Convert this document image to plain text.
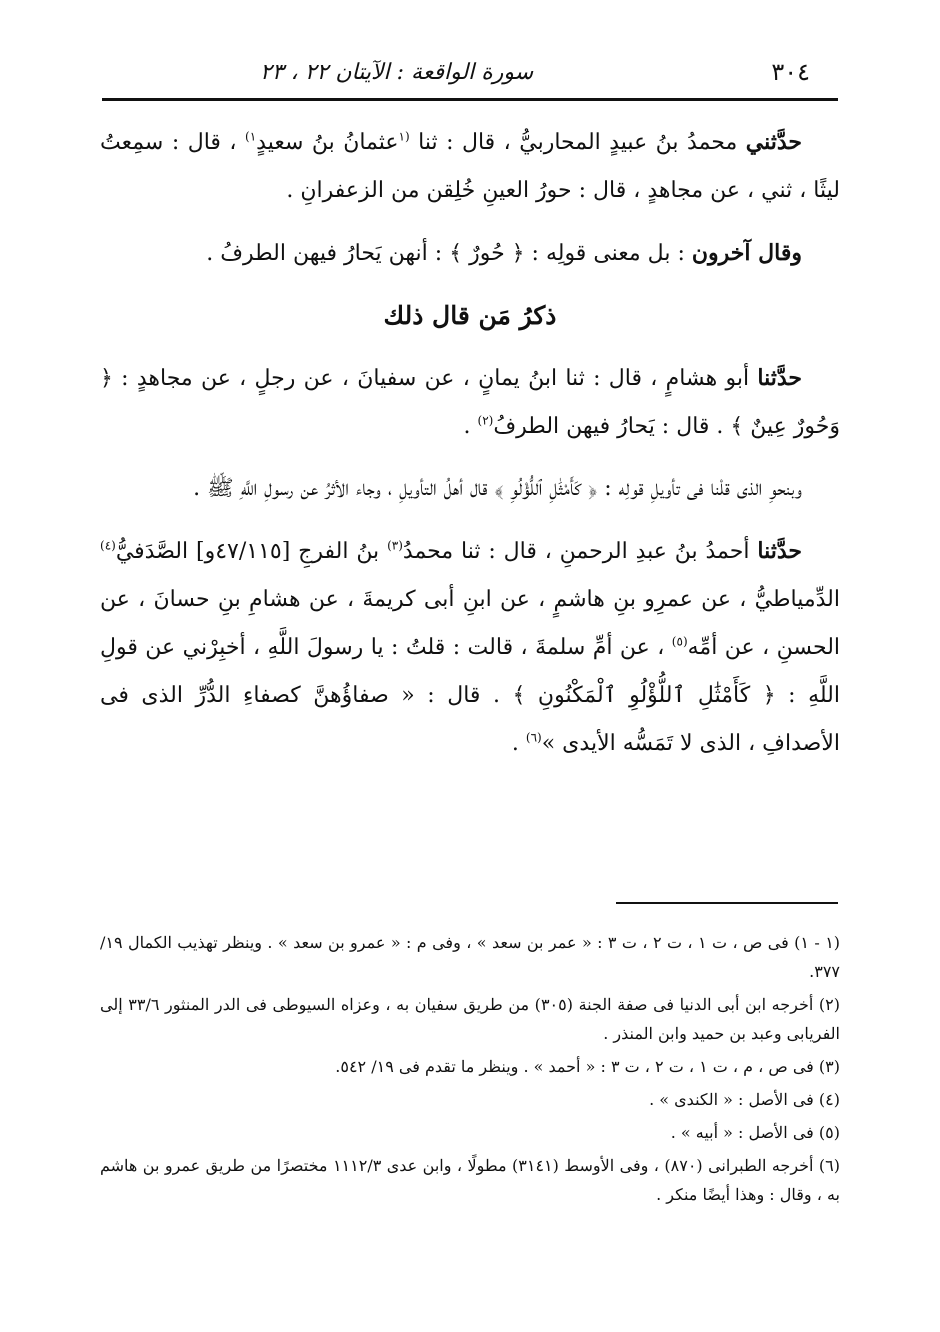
٣٠٤
سورة الواقعة : الآيتان ٢٢ ، ٢٣

حدَّثني محمدُ بنُ عبيدٍ المحاربيُّ ، قال : ثنا $^{(١}$عثمانُ بنُ سعيدٍ$^{١)}$ ، قال : سمِعتُ ليثًا ، ثني ، عن مجاهدٍ ، قال : حورُ العينِ خُلِقن من الزعفرانِ .

وقال آخرون : بل معنى قولِه : ﴿ حُورٌ ﴾ : أنهن يَحارُ فيهن الطرفُ .

ذكرُ مَن قال ذلك

حدَّثنا أبو هشامٍ ، قال : ثنا ابنُ يمانٍ ، عن سفيانَ ، عن رجلٍ ، عن مجاهدٍ : ﴿ وَحُورٌ عِينٌ ﴾ . قال : يَحارُ فيهن الطرفُ$^{(٢)}$ .

وبنحوِ الذى قلْنا فى تأويلِ قولِه : ﴿ كَأَمْثَٰلِ ٱللُّؤْلُوِ ﴾ قال أهلُ التأويلِ ، وجاء الأثرُ عن رسولِ اللَّهِ ﷺ .

حدَّثنا أحمدُ بنُ عبدِ الرحمنِ ، قال : ثنا محمدُ$^{(٣)}$ بنُ الفرجِ [٤٧/١١٥و] الصَّدَفيُّ$^{(٤)}$ الدِّمياطيُّ ، عن عمرِو بنِ هاشمٍ ، عن ابنِ أبى كريمةَ ، عن هشامِ بنِ حسانَ ، عن الحسنِ ، عن أمِّه$^{(٥)}$ ، عن أمِّ سلمةَ ، قالت : قلتُ : يا رسولَ اللَّهِ ، أخبِرْني عن قولِ اللَّهِ : ﴿ كَأَمْثَٰلِ ٱللُّؤْلُوِ ٱلْمَكْنُونِ ﴾ . قال : « صفاؤُهنَّ كصفاءِ الدُّرِّ الذى فى الأصدافِ ، الذى لا تَمَسُّه الأيدى »$^{(٦)}$ .

(١ - ١) فى ص ، ت ١ ، ت ٢ ، ت ٣ : « عمر بن سعد » ، وفى م : « عمرو بن سعد » . وينظر تهذيب الكمال ١٩/ ٣٧٧.

(٢) أخرجه ابن أبى الدنيا فى صفة الجنة (٣٠٥) من طريق سفيان به ، وعزاه السيوطى فى الدر المنثور ٣٣/٦ إلى الفريابى وعبد بن حميد وابن المنذر .

(٣) فى ص ، م ، ت ١ ، ت ٢ ، ت ٣ : « أحمد » . وينظر ما تقدم فى ١٩/ ٥٤٢.

(٤) فى الأصل : « الكندى » .

(٥) فى الأصل : « أبيه » .

(٦) أخرجه الطبرانى (٨٧٠) ، وفى الأوسط (٣١٤١) مطولًا ، وابن عدى ١١١٢/٣ مختصرًا من طريق عمرو بن هاشم به ، وقال : وهذا أيضًا منكر .
